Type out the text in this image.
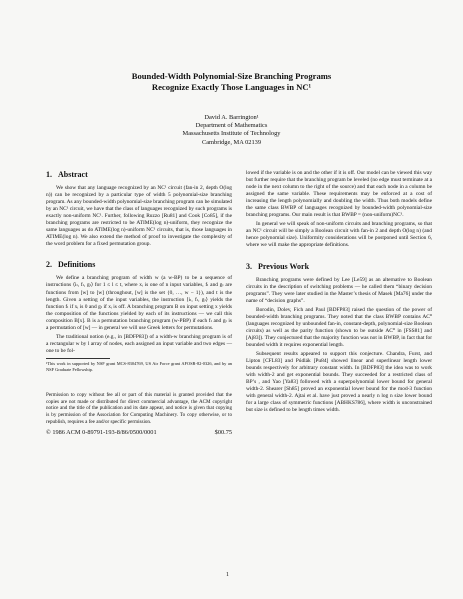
Bounded-Width Polynomial-Size Branching Programs
Recognize Exactly Those Languages in NC¹
David A. Barrington¹
Department of Mathematics
Massachusetts Institute of Technology
Cambridge, MA 02139
1. Abstract

We show that any language recognized by an NC¹ circuit (fan-in 2, depth O(log n)) can be recognized by a particular type of width 5 polynomial-size branching program. As any bounded-width polynomial-size branching program can be simulated by an NC¹ circuit, we have that the class of languages recognized by such programs is exactly non-uniform NC¹. Further, following Ruzzo [Ru81] and Cook [Co85], if the branching programs are restricted to be ATIME(log n)-uniform, they recognize the same languages as do ATIME(log n)-uniform NC¹ circuits, that is, those languages in ATIME(log n). We also extend the method of proof to investigate the complexity of the word problem for a fixed permutation group.

2. Definitions

We define a branching program of width w (a w-BP) to be a sequence of instructions ⟨iₗ, fₗ, gₗ⟩ for 1 ≤ l ≤ t, where xᵢ is one of n input variables, fₗ and gₗ are functions from [w] to [w] (throughout, [w] is the set {0, …, w − 1}), and t is the length. Given a setting of the input variables, the instruction ⟨iₗ, fₗ, gₗ⟩ yields the function fₗ if xᵢ is 0 and gₗ if xᵢ is off. A branching program B on input setting x yields the composition of the functions yielded by each of its instructions — we call this composition B[x]. B is a permutation branching program (w-PBP) if each fₗ and gₗ is a permutation of [w] — in general we will use Greek letters for permutations.

The traditional notion (e.g., in [BDFP83]) of a width-w branching program is of a rectangular w by l array of nodes, each assigned an input variable and two edges — one to be fol-

¹This work in supported by NSF grant MCS-8304769, US Air Force grant AFOSR-82-0326, and by an NSF Graduate Fellowship.

Permission to copy without fee all or part of this material is granted provided that the copies are not made or distributed for direct commercial advantage, the ACM copyright notice and the title of the publication and its date appear, and notice is given that copying is by permission of the Association for Computing Machinery. To copy otherwise, or to republish, requires a fee and/or specific permission.

© 1986 ACM 0-89791-193-8/86/0500/0001	$00.75

lowed if the variable is on and the other if it is off. Our model can be viewed this way but further require that the branching program be leveled (no edge must terminate at a node in the next column to the right of the source) and that each node in a column be assigned the same variable. These requirements may be enforced at a cost of increasing the length polynomially and doubling the width. Thus both models define the same class BWBP of languages recognized by bounded-width polynomial-size branching programs. Our main result is that BWBP = (non-uniform)NC¹.

In general we will speak of non-uniform circuits and branching programs, so that an NC¹ circuit will be simply a Boolean circuit with fan-in 2 and depth O(log n) (and hence polynomial size). Uniformity considerations will be postponed until Section 6, where we will make the appropriate definitions.

3. Previous Work

Branching programs were defined by Lee [Le59] as an alternative to Boolean circuits in the description of switching problems — he called them “binary decision programs”. They were later studied in the Master’s thesis of Masek [Ma76] under the name of “decision graphs”.

Borodin, Dolev, Fich and Paul [BDFP83] raised the question of the power of bounded-width branching programs. They noted that the class BWBP contains AC⁰ (languages recognized by unbounded fan-in, constant-depth, polynomial-size Boolean circuits) as well as the parity function (shown to be outside AC⁰ in [FSS81] and [Aj83]). They conjectured that the majority function was not in BWBP, in fact that for bounded width it requires exponential length.

Subsequent results appeared to support this conjecture. Chandra, Furst, and Lipton [CFL83] and Púdlák [Pu84] showed linear and superlinear length lower bounds respectively for arbitrary constant width. In [BDFP83] the idea was to work with width-2 and get exponential bounds. They succeeded for a restricted class of BP’s , and Yao [Ya83] followed with a superpolynomial lower bound for general width-2. Shearer [Sh85] proved an exponential lower bound for the mod-3 function with general width-2. Ajtai et al. have just proved a nearly n log n size lower bound for a large class of symmetric functions [ABHKS786], where width is unconstrained but size is defined to be length times width.

1
